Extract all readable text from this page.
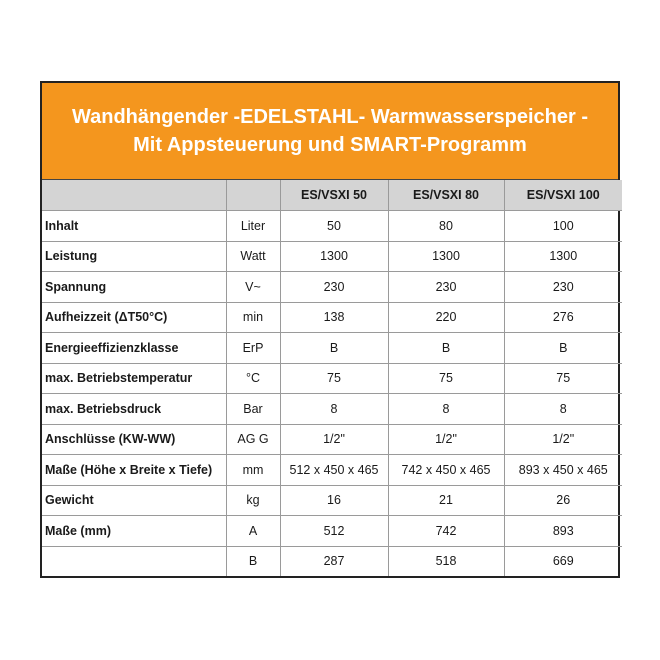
Wandhängender -EDELSTAHL- Warmwasserspeicher -
Mit Appsteuerung und SMART-Programm
		ES/VSXI 50	ES/VSXI 80	ES/VSXI 100
Inhalt	Liter	50	80	100
Leistung	Watt	1300	1300	1300
Spannung	V~	230	230	230
Aufheizzeit (ΔT50°C)	min	138	220	276
Energieeffizienzklasse	ErP	B	B	B
max. Betriebstemperatur	°C	75	75	75
max. Betriebsdruck	Bar	8	8	8
Anschlüsse (KW-WW)	AG G	1/2"	1/2"	1/2"
Maße (Höhe x Breite x Tiefe)	mm	512 x 450 x 465	742 x 450 x 465	893 x 450 x 465
Gewicht	kg	16	21	26
Maße (mm)	A	512	742	893
	B	287	518	669
